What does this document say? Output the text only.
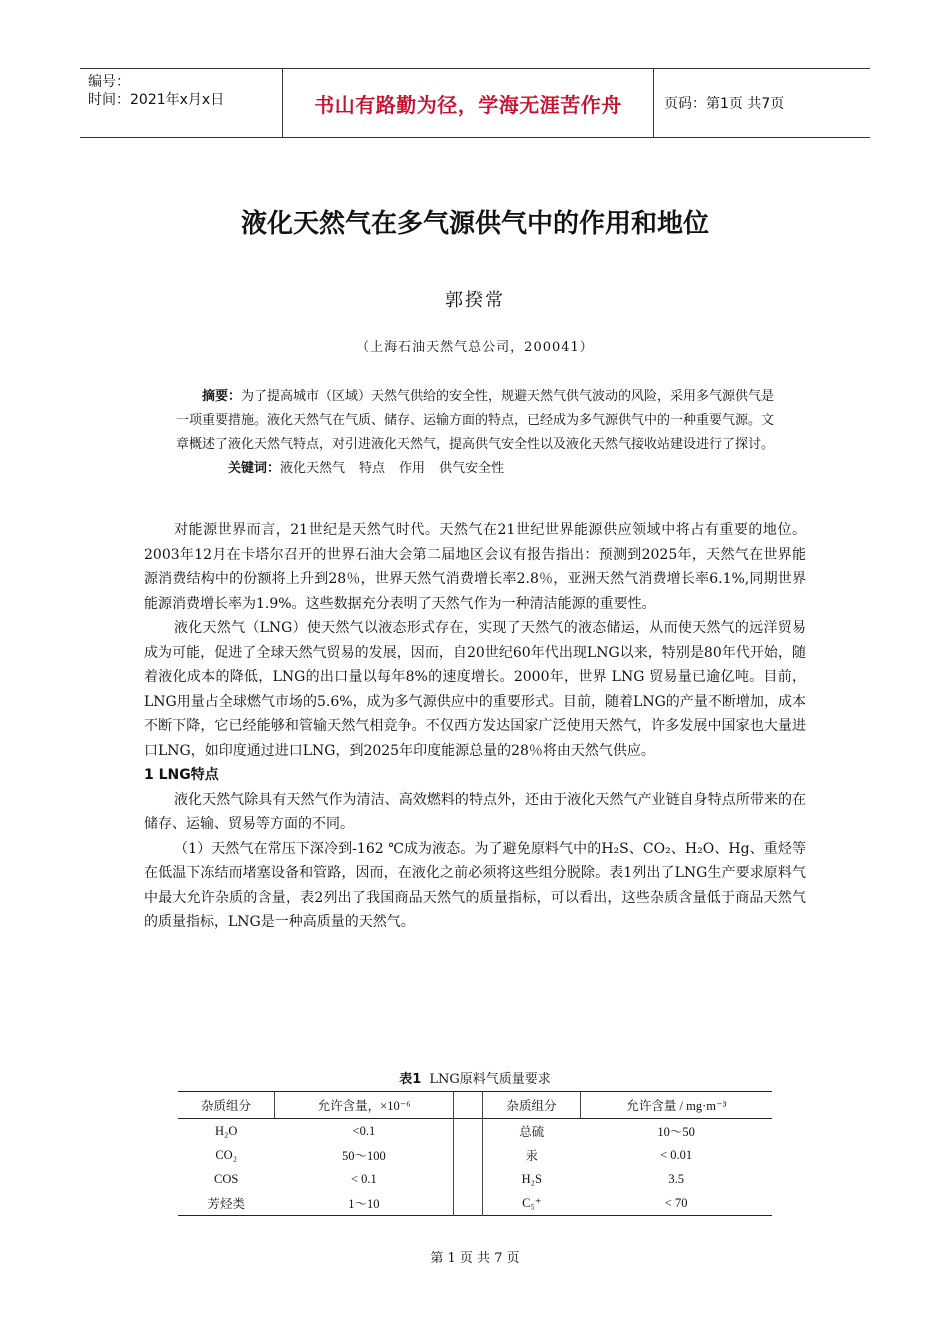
编号：
时间：2021年x月x日	书山有路勤为径，学海无涯苦作舟	页码：第1页 共7页
液化天然气在多气源供气中的作用和地位
郭揆常
（上海石油天然气总公司，200041）

摘要：为了提高城市（区域）天然气供给的安全性，规避天然气供气波动的风险，采用多气源供气是一项重要措施。液化天然气在气质、储存、运输方面的特点，已经成为多气源供气中的一种重要气源。文章概述了液化天然气特点，对引进液化天然气，提高供气安全性以及液化天然气接收站建设进行了探讨。

关键词：液化天然气 特点 作用 供气安全性

对能源世界而言，21世纪是天然气时代。天然气在21世纪世界能源供应领域中将占有重要的地位。2003年12月在卡塔尔召开的世界石油大会第二届地区会议有报告指出：预测到2025年，天然气在世界能源消费结构中的份额将上升到28％，世界天然气消费增长率2.8％，亚洲天然气消费增长率6.1%,同期世界能源消费增长率为1.9%。这些数据充分表明了天然气作为一种清洁能源的重要性。

液化天然气（LNG）使天然气以液态形式存在，实现了天然气的液态储运，从而使天然气的远洋贸易成为可能，促进了全球天然气贸易的发展，因而，自20世纪60年代出现LNG以来，特别是80年代开始，随着液化成本的降低，LNG的出口量以每年8%的速度增长。2000年，世界 LNG 贸易量已逾亿吨。目前，LNG用量占全球燃气市场的5.6%，成为多气源供应中的重要形式。目前，随着LNG的产量不断增加，成本不断下降，它已经能够和管输天然气相竞争。不仅西方发达国家广泛使用天然气，许多发展中国家也大量进口LNG，如印度通过进口LNG，到2025年印度能源总量的28％将由天然气供应。

1 LNG特点

液化天然气除具有天然气作为清洁、高效燃料的特点外，还由于液化天然气产业链自身特点所带来的在储存、运输、贸易等方面的不同。

（1）天然气在常压下深冷到-162 ℃成为液态。为了避免原料气中的H₂S、CO₂、H₂O、Hg、重烃等在低温下冻结而堵塞设备和管路，因而，在液化之前必须将这些组分脱除。表1列出了LNG生产要求原料气中最大允许杂质的含量，表2列出了我国商品天然气的质量指标，可以看出，这些杂质含量低于商品天然气的质量指标，LNG是一种高质量的天然气。

表1 LNG原料气质量要求
杂质组分	允许含量，×10⁻⁶		杂质组分	允许含量 / mg·m⁻³
H₂O	<0.1		总硫	10～50
CO₂	50～100		汞	< 0.01
COS	< 0.1		H₂S	3.5
芳烃类	1～10		C₅⁺	< 70
第 1 页 共 7 页
